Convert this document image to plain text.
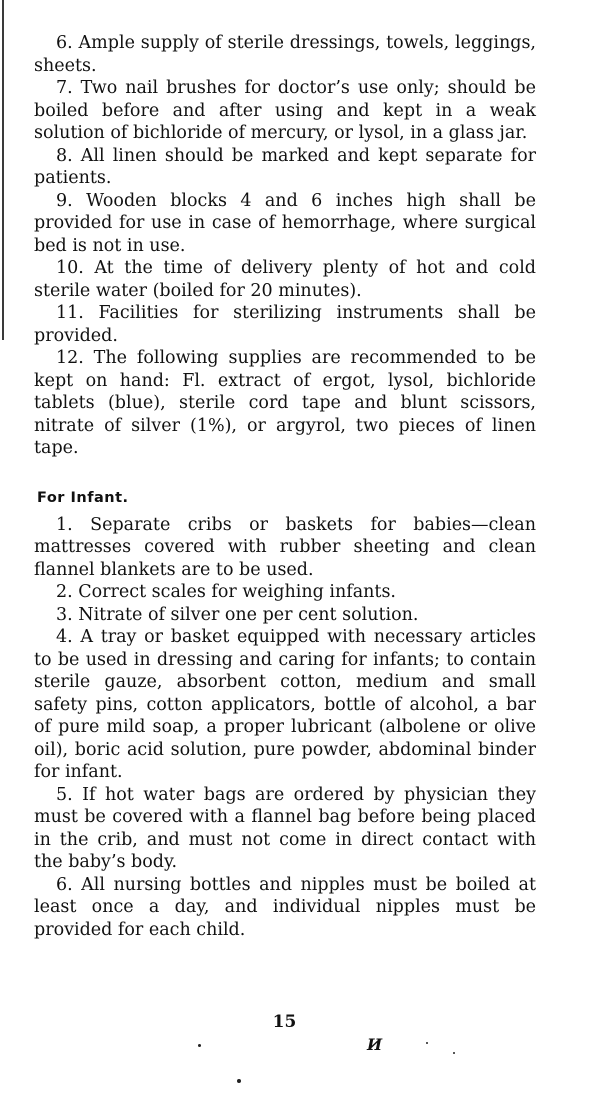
6. Ample supply of sterile dressings, towels, leggings, sheets.

7. Two nail brushes for doctor’s use only; should be boiled before and after using and kept in a weak solution of bichloride of mercury, or lysol, in a glass jar.

8. All linen should be marked and kept separate for patients.

9. Wooden blocks 4 and 6 inches high shall be provided for use in case of hemorrhage, where surgical bed is not in use.

10. At the time of delivery plenty of hot and cold sterile water (boiled for 20 minutes).

11. Facilities for sterilizing instruments shall be provided.

12. The following supplies are recommended to be kept on hand: Fl. extract of ergot, lysol, bichloride tablets (blue), sterile cord tape and blunt scissors, nitrate of silver (1%), or argyrol, two pieces of linen tape.

For Infant.

1. Separate cribs or baskets for babies—clean mattresses covered with rubber sheeting and clean flannel blankets are to be used.

2. Correct scales for weighing infants.

3. Nitrate of silver one per cent solution.

4. A tray or basket equipped with necessary articles to be used in dressing and caring for infants; to contain sterile gauze, absorbent cotton, medium and small safety pins, cotton applicators, bottle of alcohol, a bar of pure mild soap, a proper lubricant (albolene or olive oil), boric acid solution, pure powder, abdominal binder for infant.

5. If hot water bags are ordered by physician they must be covered with a flannel bag before being placed in the crib, and must not come in direct contact with the baby’s body.

6. All nursing bottles and nipples must be boiled at least once a day, and individual nipples must be provided for each child.

15
И
